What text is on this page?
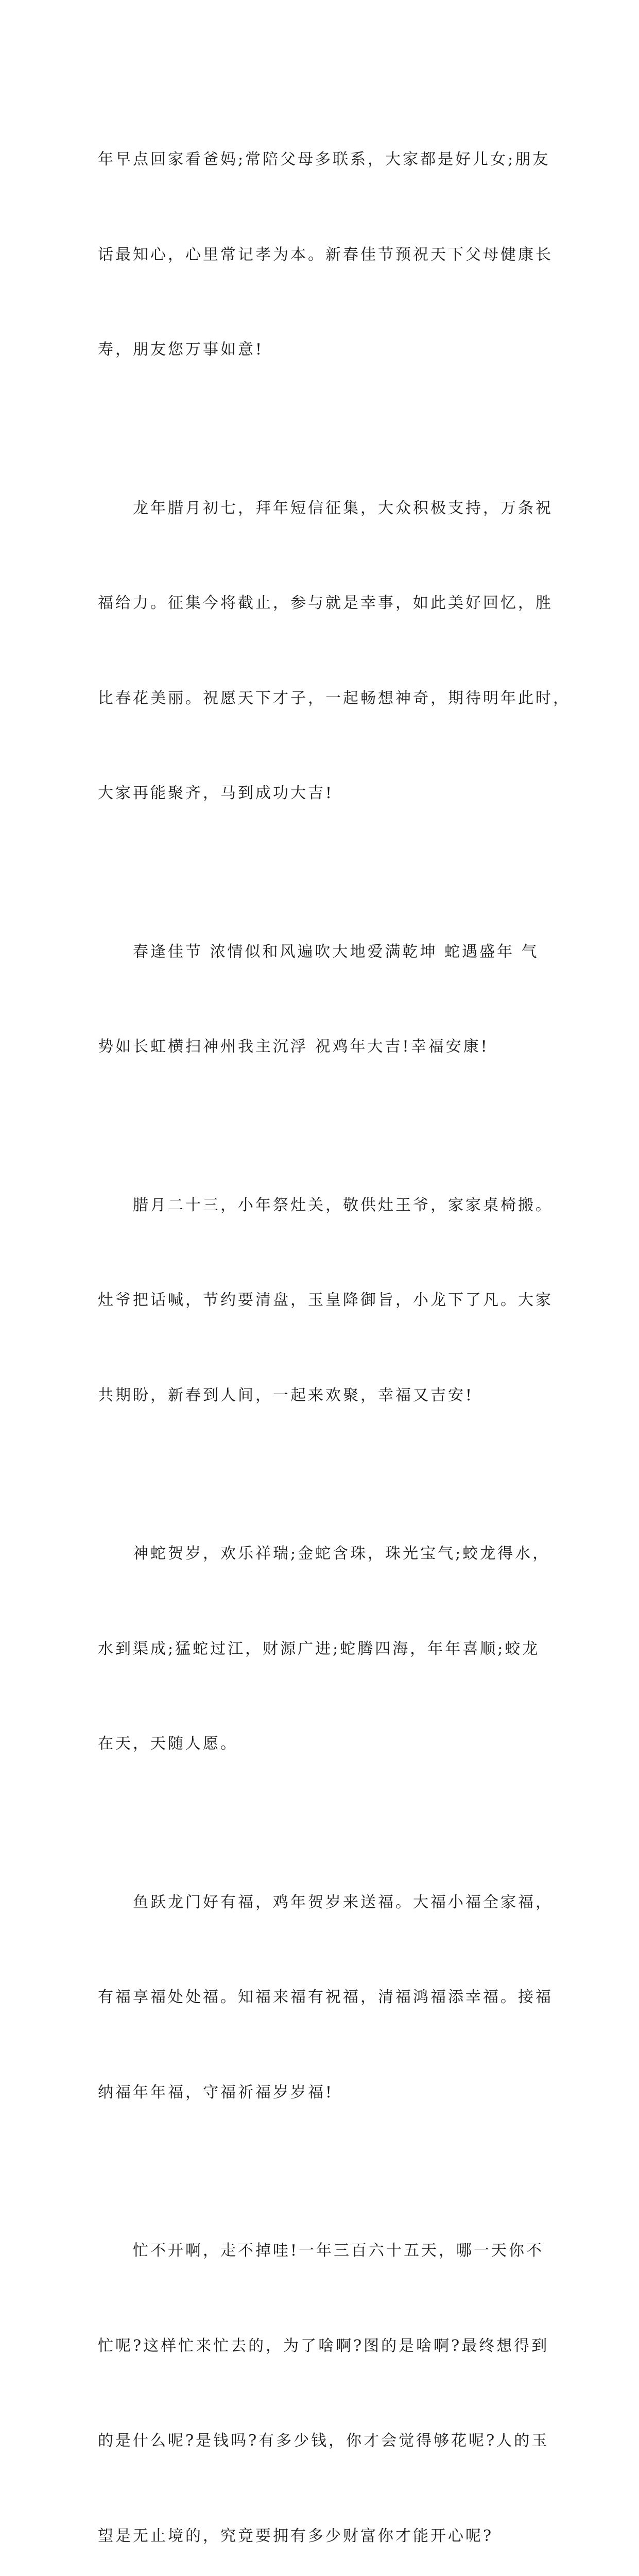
年早点回家看爸妈;常陪父母多联系，大家都是好儿女;朋友

话最知心，心里常记孝为本。新春佳节预祝天下父母健康长

寿，朋友您万事如意!

　　龙年腊月初七，拜年短信征集，大众积极支持，万条祝

福给力。征集今将截止，参与就是幸事，如此美好回忆，胜

比春花美丽。祝愿天下才子，一起畅想神奇，期待明年此时，

大家再能聚齐，马到成功大吉!

　　春逢佳节 浓情似和风遍吹大地爱满乾坤 蛇遇盛年 气

势如长虹横扫神州我主沉浮 祝鸡年大吉!幸福安康!

　　腊月二十三，小年祭灶关，敬供灶王爷，家家桌椅搬。

灶爷把话喊，节约要清盘，玉皇降御旨，小龙下了凡。大家

共期盼，新春到人间，一起来欢聚，幸福又吉安!

　　神蛇贺岁，欢乐祥瑞;金蛇含珠，珠光宝气;蛟龙得水，

水到渠成;猛蛇过江，财源广进;蛇腾四海，年年喜顺;蛟龙

在天，天随人愿。

　　鱼跃龙门好有福，鸡年贺岁来送福。大福小福全家福，

有福享福处处福。知福来福有祝福，清福鸿福添幸福。接福

纳福年年福，守福祈福岁岁福!

　　忙不开啊，走不掉哇!一年三百六十五天，哪一天你不

忙呢?这样忙来忙去的，为了啥啊?图的是啥啊?最终想得到

的是什么呢?是钱吗?有多少钱，你才会觉得够花呢?人的玉

望是无止境的，究竟要拥有多少财富你才能开心呢?
